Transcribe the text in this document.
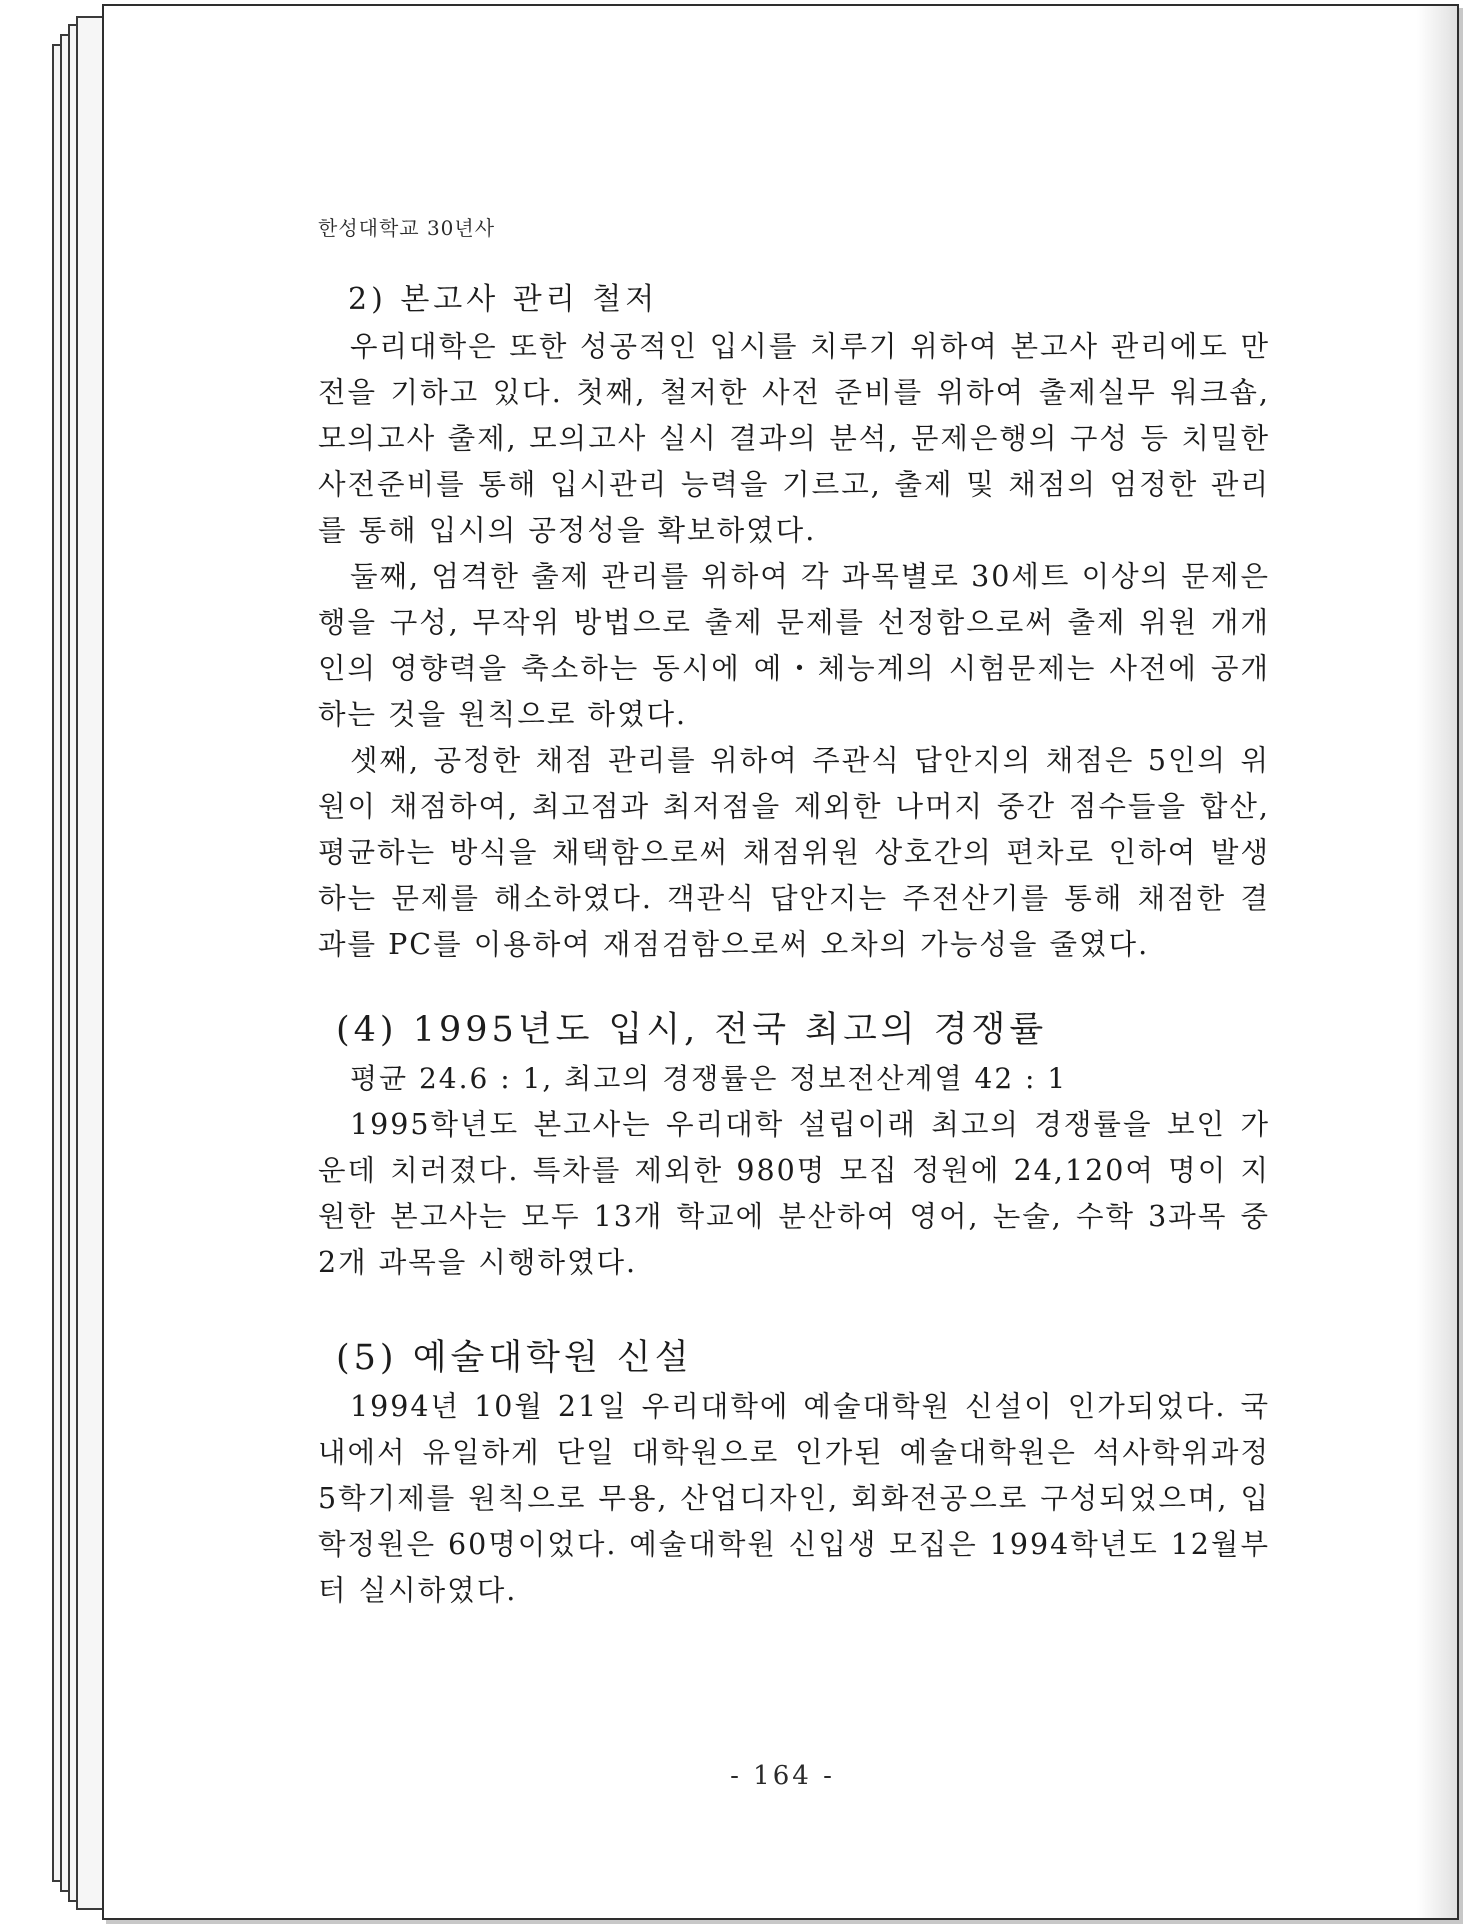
한성대학교 30년사
2) 본고사 관리 철저

우리대학은 또한 성공적인 입시를 치루기 위하여 본고사 관리에도 만전을 기하고 있다. 첫째, 철저한 사전 준비를 위하여 출제실무 워크숍, 모의고사 출제, 모의고사 실시 결과의 분석, 문제은행의 구성 등 치밀한 사전준비를 통해 입시관리 능력을 기르고, 출제 및 채점의 엄정한 관리를 통해 입시의 공정성을 확보하였다.

둘째, 엄격한 출제 관리를 위하여 각 과목별로 30세트 이상의 문제은행을 구성, 무작위 방법으로 출제 문제를 선정함으로써 출제 위원 개개인의 영향력을 축소하는 동시에 예・체능계의 시험문제는 사전에 공개하는 것을 원칙으로 하였다.

셋째, 공정한 채점 관리를 위하여 주관식 답안지의 채점은 5인의 위원이 채점하여, 최고점과 최저점을 제외한 나머지 중간 점수들을 합산, 평균하는 방식을 채택함으로써 채점위원 상호간의 편차로 인하여 발생하는 문제를 해소하였다. 객관식 답안지는 주전산기를 통해 채점한 결과를 PC를 이용하여 재점검함으로써 오차의 가능성을 줄였다.

(4) 1995년도 입시, 전국 최고의 경쟁률
평균 24.6 : 1, 최고의 경쟁률은 정보전산계열 42 : 1

1995학년도 본고사는 우리대학 설립이래 최고의 경쟁률을 보인 가운데 치러졌다. 특차를 제외한 980명 모집 정원에 24,120여 명이 지원한 본고사는 모두 13개 학교에 분산하여 영어, 논술, 수학 3과목 중 2개 과목을 시행하였다.

(5) 예술대학원 신설

1994년 10월 21일 우리대학에 예술대학원 신설이 인가되었다. 국내에서 유일하게 단일 대학원으로 인가된 예술대학원은 석사학위과정 5학기제를 원칙으로 무용, 산업디자인, 회화전공으로 구성되었으며, 입학정원은 60명이었다. 예술대학원 신입생 모집은 1994학년도 12월부터 실시하였다.

- 164 -
